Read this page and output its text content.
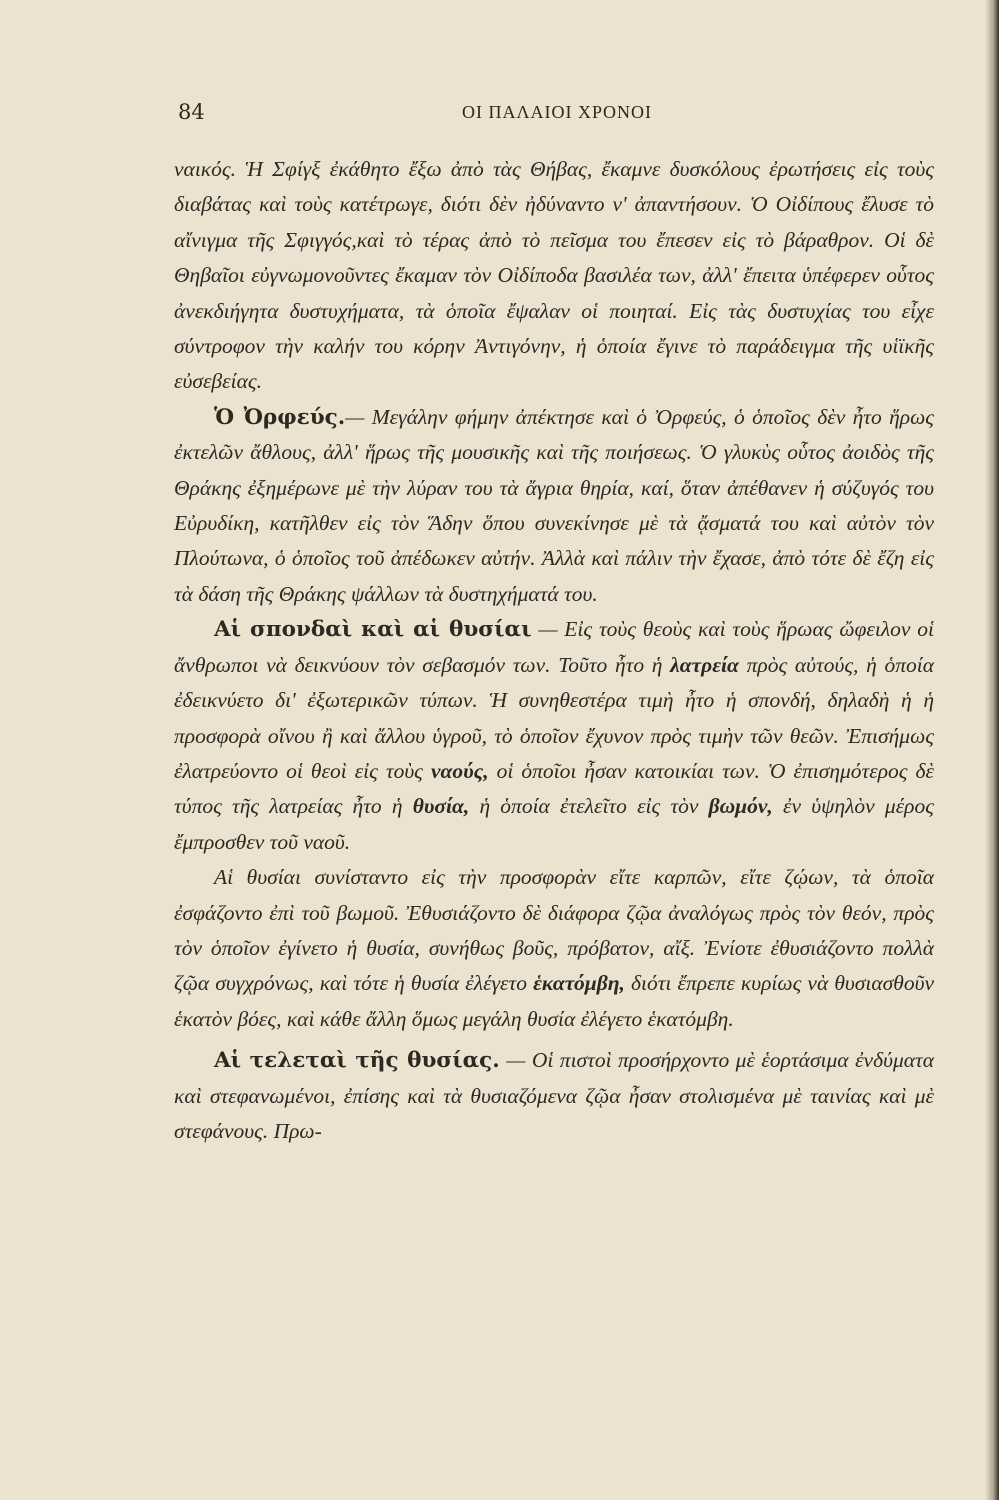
84	ΟΙ ΠΑΛΑΙΟΙ ΧΡΟΝΟΙ

ναικός. Ἡ Σφίγξ ἐκάθητο ἔξω ἀπὸ τὰς Θήβας, ἔκαμνε δυσκόλους ἐρωτήσεις εἰς τοὺς διαβάτας καὶ τοὺς κατέτρωγε, διότι δὲν ἠδύναντο ν' ἀπαντήσουν. Ὁ Οἰδίπους ἔλυσε τὸ αἴνιγμα τῆς Σφιγγός,καὶ τὸ τέρας ἀπὸ τὸ πεῖσμα του ἔπεσεν εἰς τὸ βάραθρον. Οἱ δὲ Θηβαῖοι εὐγνωμονοῦντες ἔκαμαν τὸν Οἰδίποδα βασιλέα των, ἀλλ' ἔπειτα ὑπέφερεν οὗτος ἀνεκδιήγητα δυστυχήματα, τὰ ὁποῖα ἔψαλαν οἱ ποιηταί. Εἰς τὰς δυστυχίας του εἶχε σύντροφον τὴν καλήν του κόρην Ἀντιγόνην, ἡ ὁποία ἔγινε τὸ παράδειγμα τῆς υἱϊκῆς εὐσεβείας.

Ὁ Ὀρφεύς.— Μεγάλην φήμην ἀπέκτησε καὶ ὁ Ὀρφεύς, ὁ ὁποῖος δὲν ἦτο ἥρως ἐκτελῶν ἄθλους, ἀλλ' ἥρως τῆς μουσικῆς καὶ τῆς ποιήσεως. Ὁ γλυκὺς οὗτος ἀοιδὸς τῆς Θράκης ἐξημέρωνε μὲ τὴν λύραν του τὰ ἄγρια θηρία, καί, ὅταν ἀπέθανεν ἡ σύζυγός του Εὐρυδίκη, κατῆλθεν εἰς τὸν Ἅδην ὅπου συνεκίνησε μὲ τὰ ᾄσματά του καὶ αὐτὸν τὸν Πλούτωνα, ὁ ὁποῖος τοῦ ἀπέδωκεν αὐτήν. Ἀλλὰ καὶ πάλιν τὴν ἔχασε, ἀπὸ τότε δὲ ἔζη εἰς τὰ δάση τῆς Θράκης ψάλλων τὰ δυστηχήματά του.

Αἱ σπονδαὶ καὶ αἱ θυσίαι — Εἰς τοὺς θεοὺς καὶ τοὺς ἥρωας ὤφειλον οἱ ἄνθρωποι νὰ δεικνύουν τὸν σεβασμόν των. Τοῦτο ἦτο ἡ λατρεία πρὸς αὐτούς, ἡ ὁποία ἐδεικνύετο δι' ἐξωτερικῶν τύπων. Ἡ συνηθεστέρα τιμὴ ἦτο ἡ σπονδή, δηλαδὴ ἡ ἡ προσφορὰ οἴνου ἢ καὶ ἄλλου ὑγροῦ, τὸ ὁποῖον ἔχυνον πρὸς τιμὴν τῶν θεῶν. Ἐπισήμως ἐλατρεύοντο οἱ θεοὶ εἰς τοὺς ναούς, οἱ ὁποῖοι ἦσαν κατοικίαι των. Ὁ ἐπισημότερος δὲ τύπος τῆς λατρείας ἦτο ἡ θυσία, ἡ ὁποία ἐτελεῖτο εἰς τὸν βωμόν, ἐν ὑψηλὸν μέρος ἔμπροσθεν τοῦ ναοῦ.

Αἱ θυσίαι συνίσταντο εἰς τὴν προσφορὰν εἴτε καρπῶν, εἴτε ζῴων, τὰ ὁποῖα ἐσφάζοντο ἐπὶ τοῦ βωμοῦ. Ἐθυσιάζοντο δὲ διάφορα ζῷα ἀναλόγως πρὸς τὸν θεόν, πρὸς τὸν ὁποῖον ἐγίνετο ἡ θυσία, συνήθως βοῦς, πρόβατον, αἴξ. Ἐνίοτε ἐθυσιάζοντο πολλὰ ζῷα συγχρόνως, καὶ τότε ἡ θυσία ἐλέγετο ἑκατόμβη, διότι ἔπρεπε κυρίως νὰ θυσιασθοῦν ἑκατὸν βόες, καὶ κάθε ἄλλη ὅμως μεγάλη θυσία ἐλέγετο ἑκατόμβη.

Αἱ τελεταὶ τῆς θυσίας. — Οἱ πιστοὶ προσήρχοντο μὲ ἑορτάσιμα ἐνδύματα καὶ στεφανωμένοι, ἐπίσης καὶ τὰ θυσιαζόμενα ζῷα ἦσαν στολισμένα μὲ ταινίας καὶ μὲ στεφάνους. Πρω-
